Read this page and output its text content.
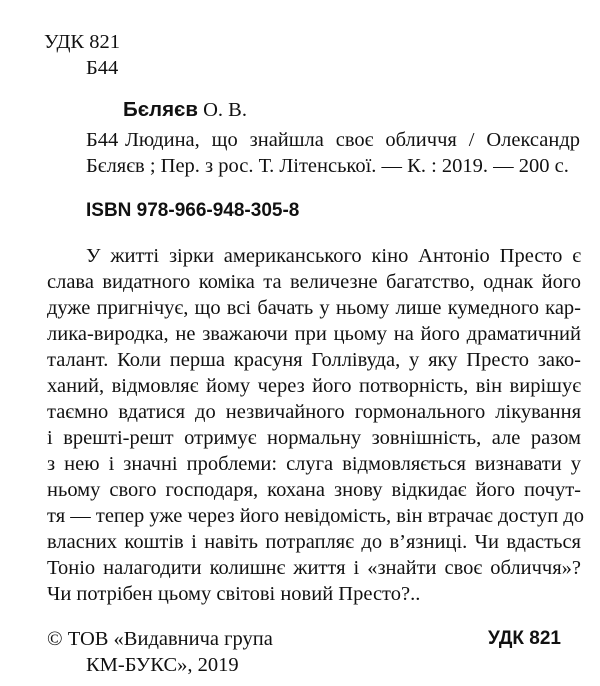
УДК 821
Б44
Бєляєв О. В.
Б44 Людина, що знайшла своє обличчя / Олександр
Бєляєв ; Пер. з рос. Т. Літенської. — К. : 2019. — 200 с.
ISBN 978-966-948-305-8
У житті зірки американського кіно Антоніо Престо є
слава видатного коміка та величезне багатство, однак його
дуже пригнічує, що всі бачать у ньому лише кумедного кар-
лика-виродка, не зважаючи при цьому на його драматичний
талант. Коли перша красуня Голлівуда, у яку Престо зако-
ханий, відмовляє йому через його потворність, він вирішує
таємно вдатися до незвичайного гормонального лікування
і врешті-решт отримує нормальну зовнішність, але разом
з нею і значні проблеми: слуга відмовляється визнавати у
ньому свого господаря, кохана знову відкидає його почут-
тя — тепер уже через його невідомість, він втрачає доступ до
власних коштів і навіть потрапляє до в’язниці. Чи вдасться
Тоніо налагодити колишнє життя і «знайти своє обличчя»?
Чи потрібен цьому світові новий Престо?..
© ТОВ «Видавнича група
КМ-БУКС», 2019
УДК 821
